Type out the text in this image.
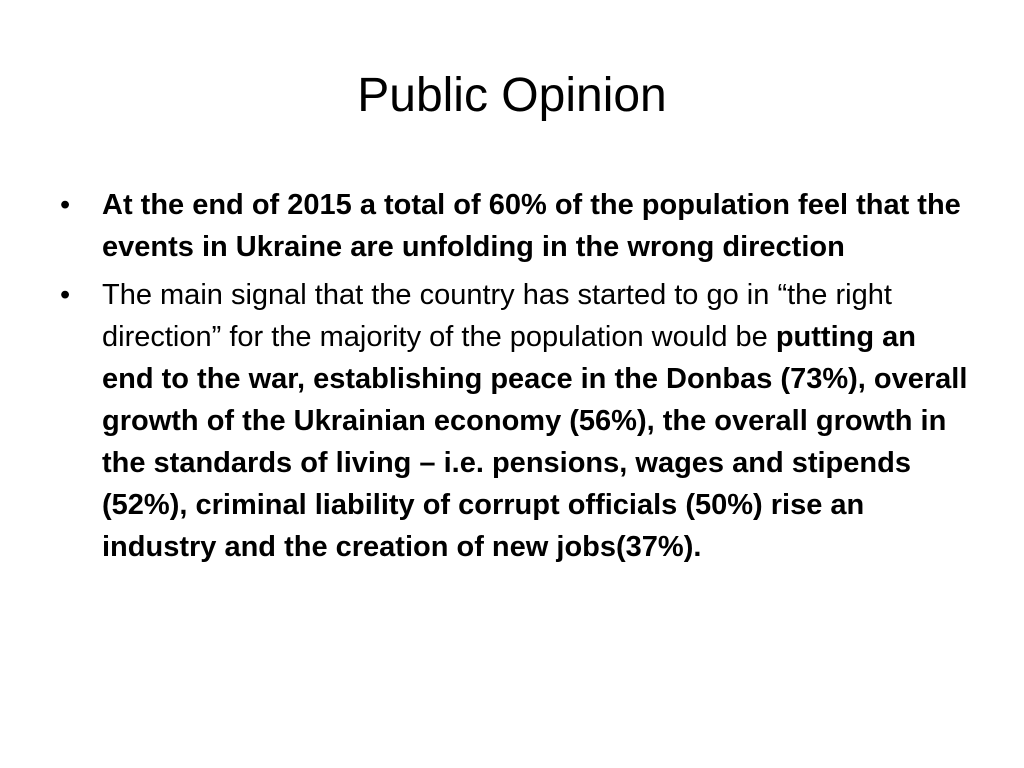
Public Opinion
•	At the end of 2015 a total of 60% of the population feel that the events in Ukraine are unfolding in the wrong direction
•	The main signal that the country has started to go in “the right direction” for the majority of the population would be putting an end to the war, establishing peace in the Donbas (73%), overall growth of the Ukrainian economy (56%), the overall growth in the standards of living – i.e. pensions, wages and stipends (52%), criminal liability of corrupt officials (50%) rise an industry and the creation of new jobs(37%).
